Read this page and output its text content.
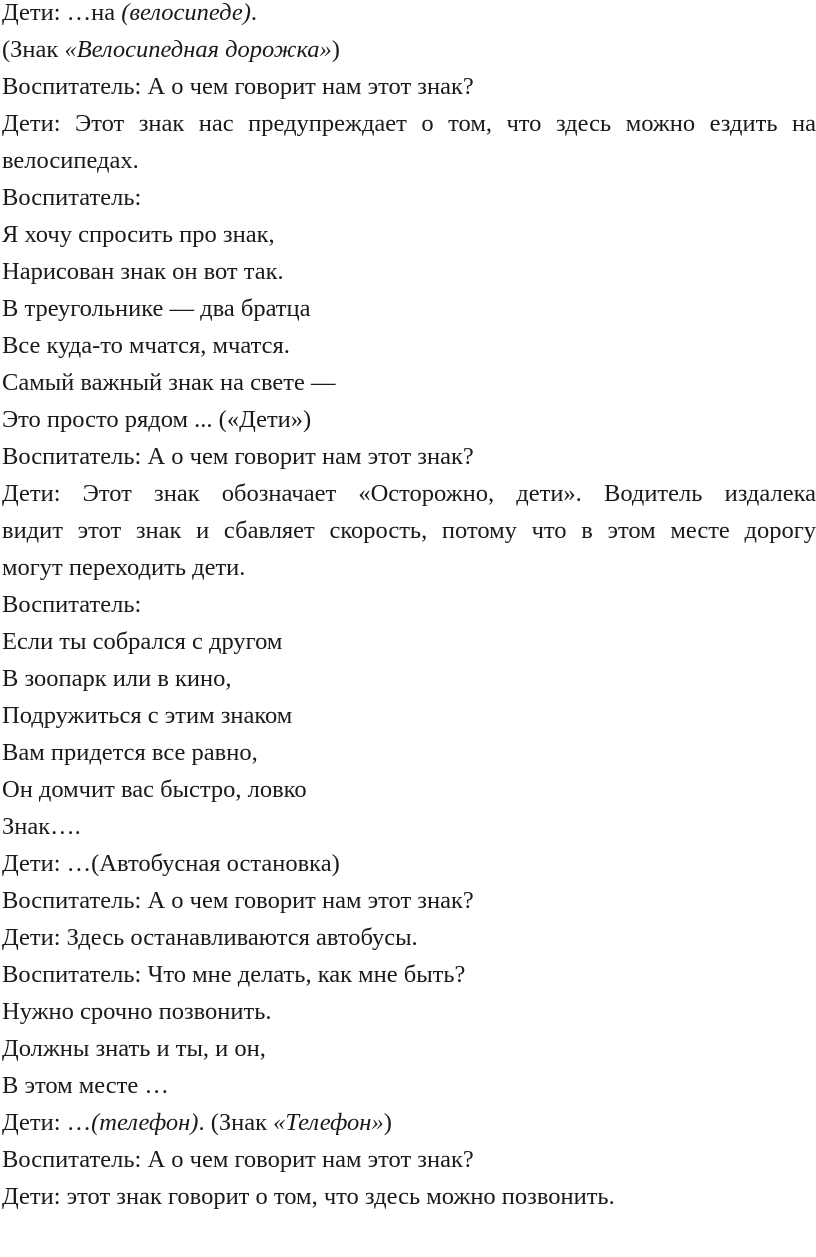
Дети: …на (велосипеде).

(Знак «Велосипедная дорожка»)

Воспитатель: А о чем говорит нам этот знак?

Дети: Этот знак нас предупреждает о том, что здесь можно ездить на

велосипедах.

Воспитатель:

Я хочу спросить про знак,

Нарисован знак он вот так.

В треугольнике — два братца

Все куда-то мчатся, мчатся.

Самый важный знак на свете —

Это просто рядом ... («Дети»)

Воспитатель: А о чем говорит нам этот знак?

Дети: Этот знак обозначает «Осторожно, дети». Водитель издалека

видит этот знак и сбавляет скорость, потому что в этом месте дорогу

могут переходить дети.

Воспитатель:

Если ты собрался с другом

В зоопарк или в кино,

Подружиться с этим знаком

Вам придется все равно,

Он домчит вас быстро, ловко

Знак….

Дети: …(Автобусная остановка)

Воспитатель: А о чем говорит нам этот знак?

Дети: Здесь останавливаются автобусы.

Воспитатель: Что мне делать, как мне быть?

Нужно срочно позвонить.

Должны знать и ты, и он,

В этом месте …

Дети: …(телефон). (Знак «Телефон»)

Воспитатель: А о чем говорит нам этот знак?

Дети: этот знак говорит о том, что здесь можно позвонить.
